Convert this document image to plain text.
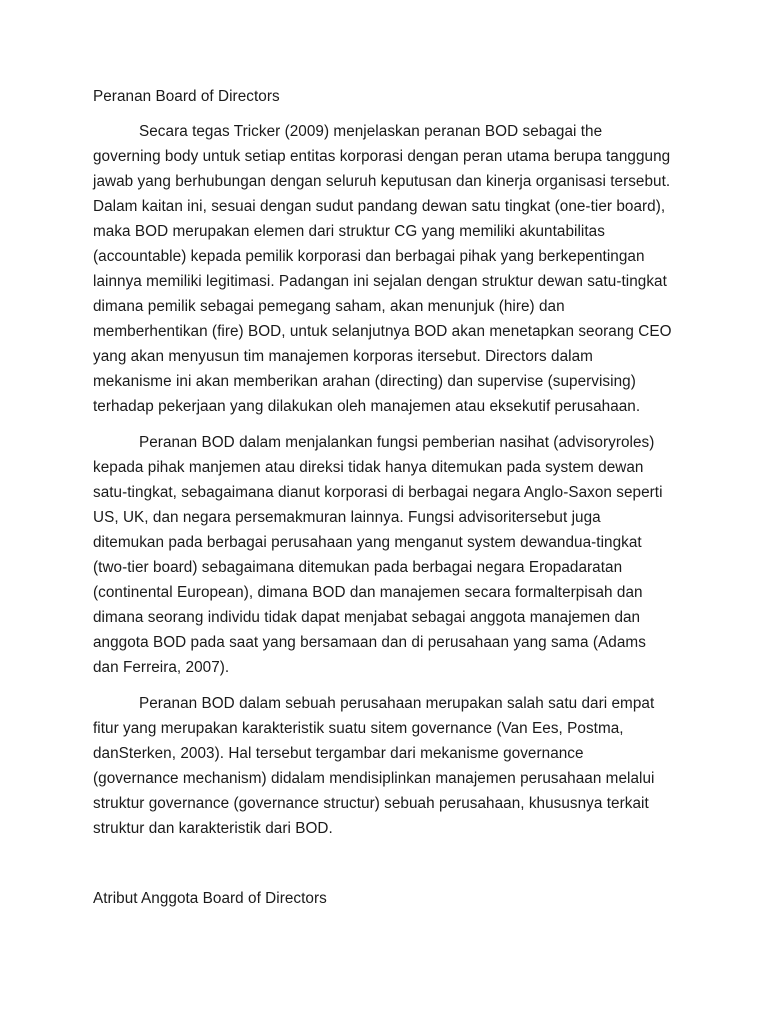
Peranan Board of Directors
Secara tegas Tricker (2009) menjelaskan peranan BOD sebagai the
governing body untuk setiap entitas korporasi dengan peran utama berupa tanggung
jawab yang berhubungan dengan seluruh keputusan dan kinerja organisasi tersebut.
Dalam kaitan ini, sesuai dengan sudut pandang dewan satu tingkat (one-tier board),
maka BOD merupakan elemen dari struktur CG yang memiliki akuntabilitas
(accountable) kepada pemilik korporasi dan berbagai pihak yang berkepentingan
lainnya memiliki legitimasi. Padangan ini sejalan dengan struktur dewan satu-tingkat
dimana pemilik sebagai pemegang saham, akan menunjuk (hire) dan
memberhentikan (fire) BOD, untuk selanjutnya BOD akan menetapkan seorang CEO
yang akan menyusun tim manajemen korporas itersebut. Directors dalam
mekanisme ini akan memberikan arahan (directing) dan supervise (supervising)
terhadap pekerjaan yang dilakukan oleh manajemen atau eksekutif perusahaan.
Peranan BOD dalam menjalankan fungsi pemberian nasihat (advisoryroles)
kepada pihak manjemen atau direksi tidak hanya ditemukan pada system dewan
satu-tingkat, sebagaimana dianut korporasi di berbagai negara Anglo-Saxon seperti
US, UK, dan negara persemakmuran lainnya. Fungsi advisoritersebut juga
ditemukan pada berbagai perusahaan yang menganut system dewandua-tingkat
(two-tier board) sebagaimana ditemukan pada berbagai negara Eropadaratan
(continental European), dimana BOD dan manajemen secara formalterpisah dan
dimana seorang individu tidak dapat menjabat sebagai anggota manajemen dan
anggota BOD pada saat yang bersamaan dan di perusahaan yang sama (Adams
dan Ferreira, 2007).
Peranan BOD dalam sebuah perusahaan merupakan salah satu dari empat
fitur yang merupakan karakteristik suatu sitem governance (Van Ees, Postma,
danSterken, 2003). Hal tersebut tergambar dari mekanisme governance
(governance mechanism) didalam mendisiplinkan manajemen perusahaan melalui
struktur governance (governance structur) sebuah perusahaan, khususnya terkait
struktur dan karakteristik dari BOD.
Atribut Anggota Board of Directors
